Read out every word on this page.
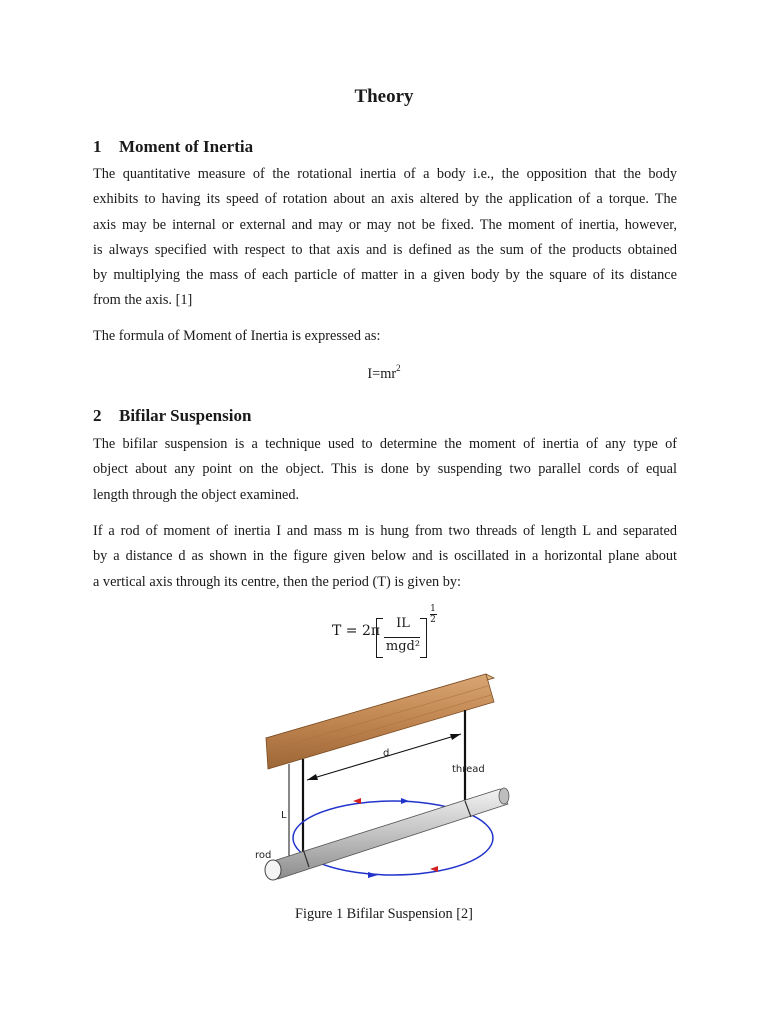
Theory
1 Moment of Inertia
The quantitative measure of the rotational inertia of a body i.e., the opposition that the body
exhibits to having its speed of rotation about an axis altered by the application of a torque. The
axis may be internal or external and may or may not be fixed. The moment of inertia, however,
is always specified with respect to that axis and is defined as the sum of the products obtained
by multiplying the mass of each particle of matter in a given body by the square of its distance
from the axis. [1]
The formula of Moment of Inertia is expressed as:
$I=mr^2$
2 Bifilar Suspension
The bifilar suspension is a technique used to determine the moment of inertia of any type of
object about any point on the object. This is done by suspending two parallel cords of equal
length through the object examined.
If a rod of moment of inertia I and mass m is hung from two threads of length L and separated
by a distance d as shown in the figure given below and is oscillated in a horizontal plane about
a vertical axis through its centre, then the period (T) is given by:
T = 2π	IL
mgd²
1
2
d
thread
L
rod
Figure 1 Bifilar Suspension [2]
